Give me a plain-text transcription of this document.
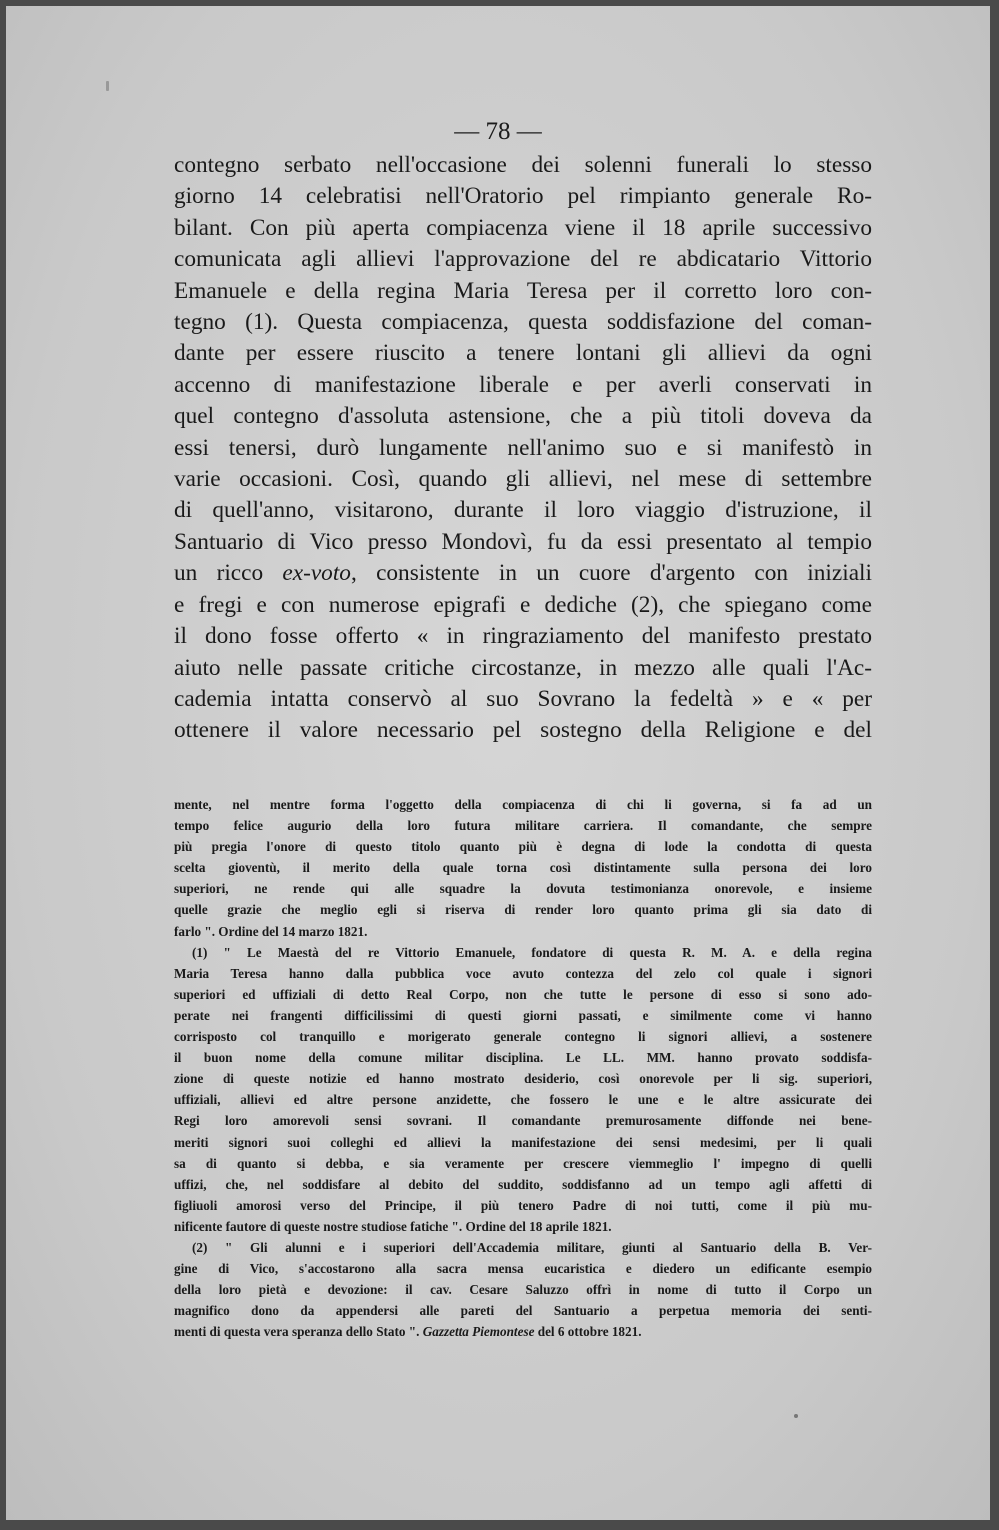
— 78 —
contegno serbato nell'occasione dei solenni funerali lo stesso
giorno 14 celebratisi nell'Oratorio pel rimpianto generale Ro-
bilant. Con più aperta compiacenza viene il 18 aprile successivo
comunicata agli allievi l'approvazione del re abdicatario Vittorio
Emanuele e della regina Maria Teresa per il corretto loro con-
tegno (1). Questa compiacenza, questa soddisfazione del coman-
dante per essere riuscito a tenere lontani gli allievi da ogni
accenno di manifestazione liberale e per averli conservati in
quel contegno d'assoluta astensione, che a più titoli doveva da
essi tenersi, durò lungamente nell'animo suo e si manifestò in
varie occasioni. Così, quando gli allievi, nel mese di settembre
di quell'anno, visitarono, durante il loro viaggio d'istruzione, il
Santuario di Vico presso Mondovì, fu da essi presentato al tempio
un ricco ex-voto, consistente in un cuore d'argento con iniziali
e fregi e con numerose epigrafi e dediche (2), che spiegano come
il dono fosse offerto « in ringraziamento del manifesto prestato
aiuto nelle passate critiche circostanze, in mezzo alle quali l'Ac-
cademia intatta conservò al suo Sovrano la fedeltà » e « per
ottenere il valore necessario pel sostegno della Religione e del
mente, nel mentre forma l'oggetto della compiacenza di chi li governa, si fa ad un
tempo felice augurio della loro futura militare carriera. Il comandante, che sempre
più pregia l'onore di questo titolo quanto più è degna di lode la condotta di questa
scelta gioventù, il merito della quale torna così distintamente sulla persona dei loro
superiori, ne rende qui alle squadre la dovuta testimonianza onorevole, e insieme
quelle grazie che meglio egli si riserva di render loro quanto prima gli sia dato di
farlo ". Ordine del 14 marzo 1821.
(1) " Le Maestà del re Vittorio Emanuele, fondatore di questa R. M. A. e della regina
Maria Teresa hanno dalla pubblica voce avuto contezza del zelo col quale i signori
superiori ed uffiziali di detto Real Corpo, non che tutte le persone di esso si sono ado-
perate nei frangenti difficilissimi di questi giorni passati, e similmente come vi hanno
corrisposto col tranquillo e morigerato generale contegno li signori allievi, a sostenere
il buon nome della comune militar disciplina. Le LL. MM. hanno provato soddisfa-
zione di queste notizie ed hanno mostrato desiderio, così onorevole per li sig. superiori,
uffiziali, allievi ed altre persone anzidette, che fossero le une e le altre assicurate dei
Regi loro amorevoli sensi sovrani. Il comandante premurosamente diffonde nei bene-
meriti signori suoi colleghi ed allievi la manifestazione dei sensi medesimi, per li quali
sa di quanto si debba, e sia veramente per crescere viemmeglio l' impegno di quelli
uffizi, che, nel soddisfare al debito del suddito, soddisfanno ad un tempo agli affetti di
figliuoli amorosi verso del Principe, il più tenero Padre di noi tutti, come il più mu-
nificente fautore di queste nostre studiose fatiche ". Ordine del 18 aprile 1821.
(2) " Gli alunni e i superiori dell'Accademia militare, giunti al Santuario della B. Ver-
gine di Vico, s'accostarono alla sacra mensa eucaristica e diedero un edificante esempio
della loro pietà e devozione: il cav. Cesare Saluzzo offrì in nome di tutto il Corpo un
magnifico dono da appendersi alle pareti del Santuario a perpetua memoria dei senti-
menti di questa vera speranza dello Stato ". Gazzetta Piemontese del 6 ottobre 1821.
